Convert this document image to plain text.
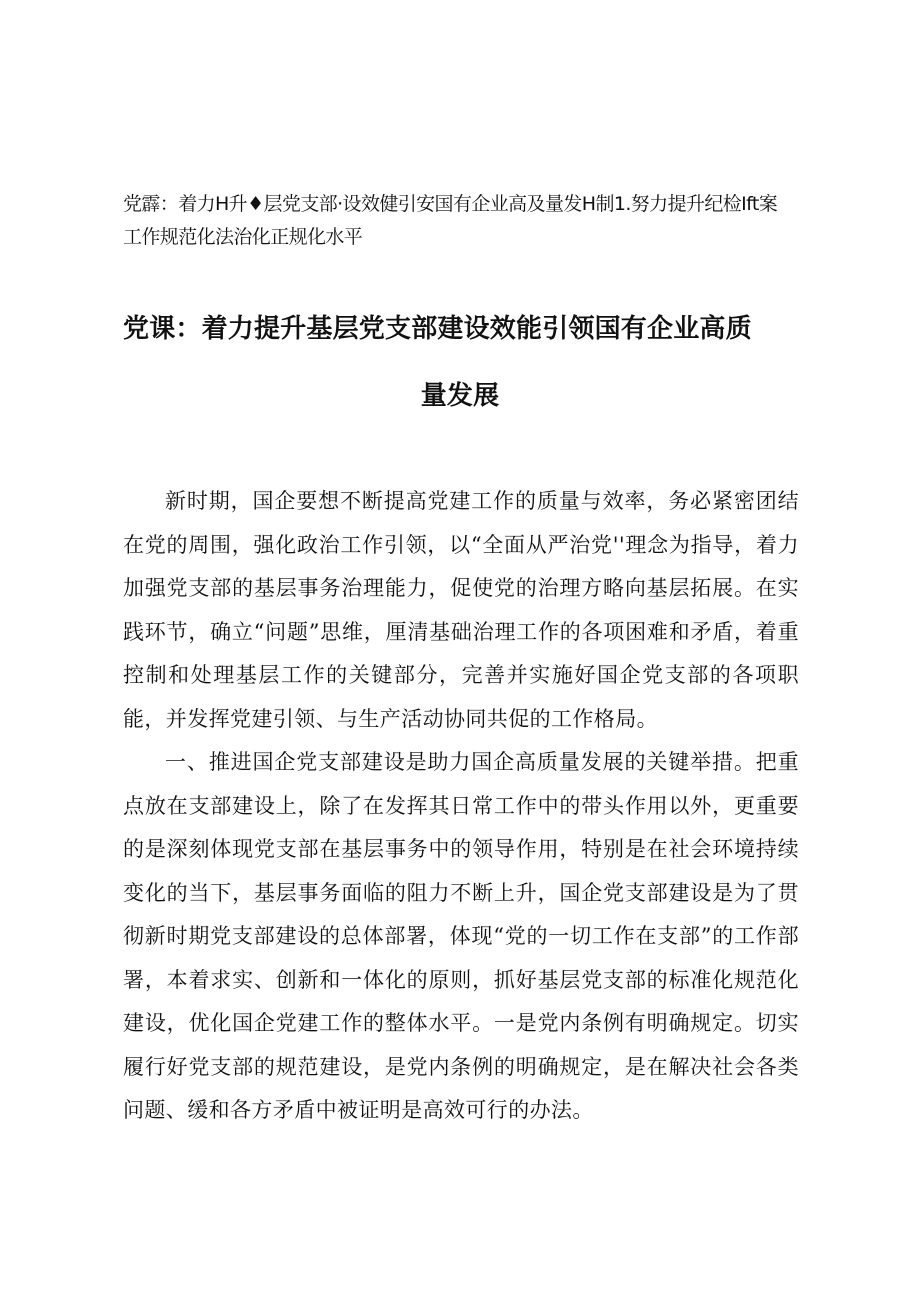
党霹：着力H升♦层党支部·设效健引安国有企业高及量发H制1.努力提升纪检Ift案
工作规范化法治化正规化水平
党课：着力提升基层党支部建设效能引领国有企业高质
量发展

新时期，国企要想不断提高党建工作的质量与效率，务必紧密团结在党的周围，强化政治工作引领，以“全面从严治党''理念为指导，着力加强党支部的基层事务治理能力，促使党的治理方略向基层拓展。在实践环节，确立“问题”思维，厘清基础治理工作的各项困难和矛盾，着重控制和处理基层工作的关键部分，完善并实施好国企党支部的各项职能，并发挥党建引领、与生产活动协同共促的工作格局。

一、推进国企党支部建设是助力国企高质量发展的关键举措。把重点放在支部建设上，除了在发挥其日常工作中的带头作用以外，更重要的是深刻体现党支部在基层事务中的领导作用，特别是在社会环境持续变化的当下，基层事务面临的阻力不断上升，国企党支部建设是为了贯彻新时期党支部建设的总体部署，体现“党的一切工作在支部”的工作部署，本着求实、创新和一体化的原则，抓好基层党支部的标准化规范化建设，优化国企党建工作的整体水平。一是党内条例有明确规定。切实履行好党支部的规范建设，是党内条例的明确规定，是在解决社会各类问题、缓和各方矛盾中被证明是高效可行的办法。
